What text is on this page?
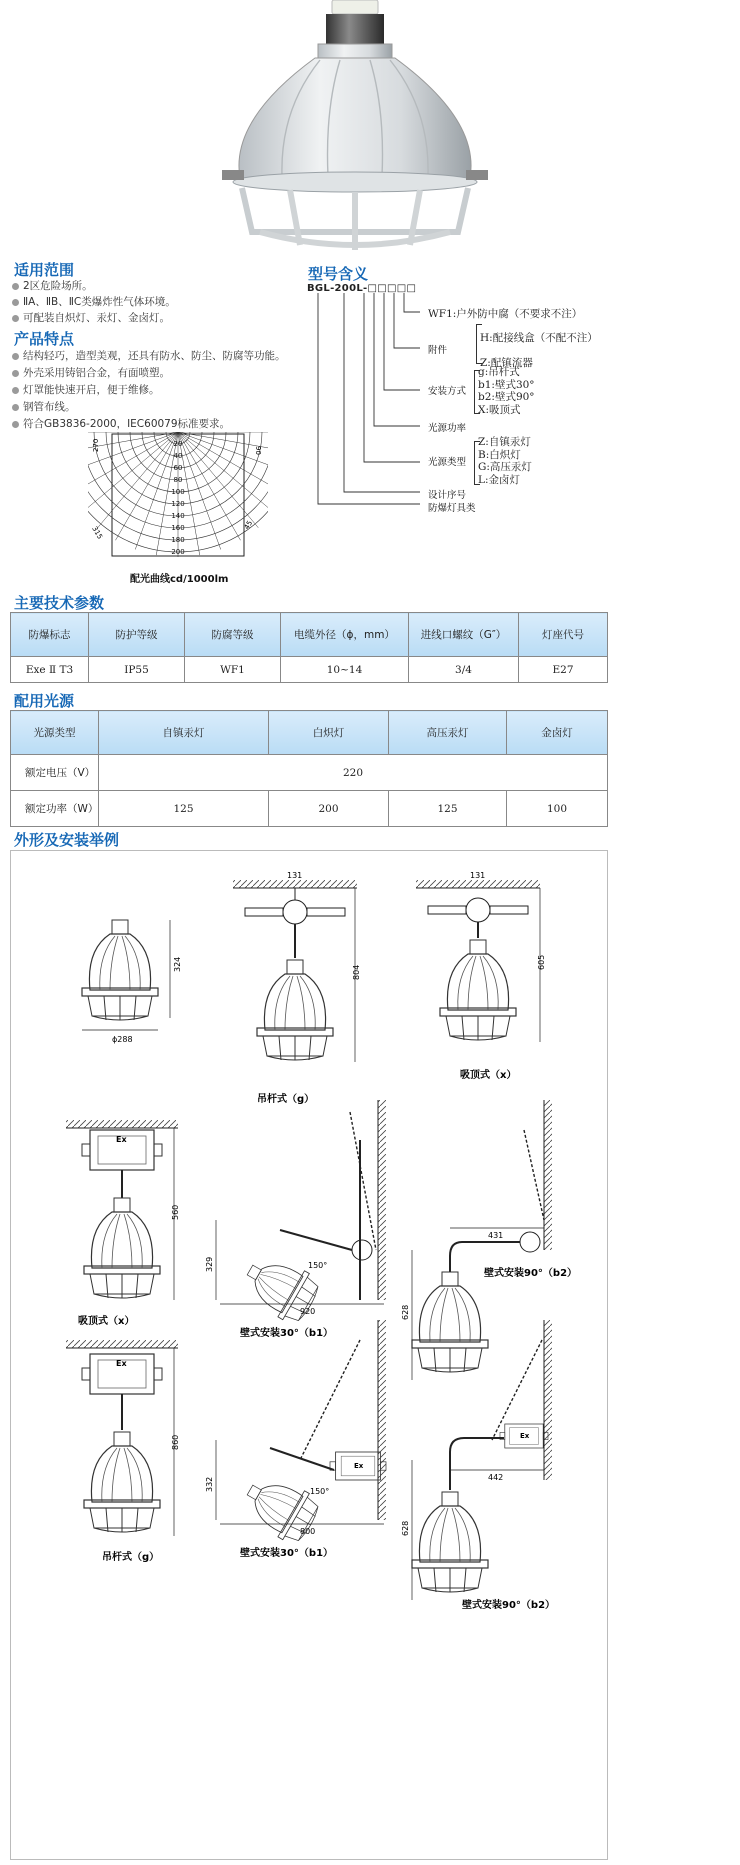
适用范围
2区危险场所。
ⅡA、ⅡB、ⅡC类爆炸性气体环境。
可配装自炽灯、汞灯、金卤灯。
产品特点
结构轻巧，造型美观，还具有防水、防尘、防腐等功能。
外壳采用铸铝合金，有面喷塑。
灯罩能快速开启，便于维修。
钢管布线。
符合GB3836-2000，IEC60079标准要求。
270	90
315	45
20
40
60
80
100
120
140
160
180
200
配光曲线cd/1000lm
型号含义
BGL-200L-□□□□□
WF1:户外防中腐（不要求不注）
附件
H:配接线盒（不配不注）
Z:配镇流器
安装方式
g:吊杆式
b1:壁式30°
b2:壁式90°
X:吸顶式
光源功率
光源类型
Z:自镇汞灯
B:白炽灯
G:高压汞灯
L:金卤灯
设计序号
防爆灯具类
主要技术参数
防爆标志	防护等级	防腐等级	电缆外径（ϕ，mm）	进线口螺纹（G″）	灯座代号
Exe Ⅱ T3	IP55	WF1	10~14	3/4	E27
配用光源
光源类型	自镇汞灯	白炽灯	高压汞灯	金卤灯
额定电压（V）	220			
额定功率（W）	125	200	125	100
外形及安装举例
324
ϕ288
131
804
吊杆式（g）
131
605
吸顶式（x）
Ex
560
吸顶式（x）
150°
920
329
壁式安装30°（b1）
628
431
壁式安装90°（b2）
Ex
860
吊杆式（g）
Ex
150°
800
332
壁式安装30°（b1）
Ex
628
442
壁式安装90°（b2）
